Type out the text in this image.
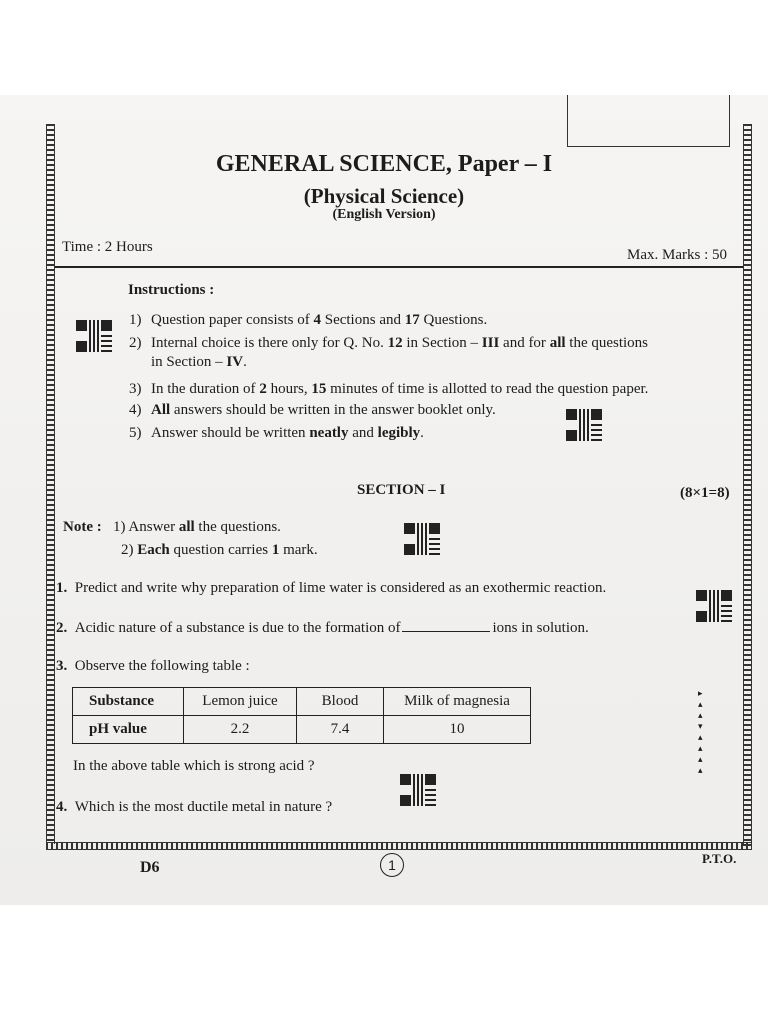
GENERAL SCIENCE, Paper – I
(Physical Science)
(English Version)
Time : 2 Hours	Max. Marks : 50
Instructions :
1) Question paper consists of 4 Sections and 17 Questions.
2) Internal choice is there only for Q. No. 12 in Section – III and for all the questions
in Section – IV.
3) In the duration of 2 hours, 15 minutes of time is allotted to read the question paper.
4) All answers should be written in the answer booklet only.
5) Answer should be written neatly and legibly.
SECTION – I	(8×1=8)
Note : 1) Answer all the questions.
2) Each question carries 1 mark.
1. Predict and write why preparation of lime water is considered as an exothermic reaction.
2. Acidic nature of a substance is due to the formation of	ions in solution.
3. Observe the following table :
Substance	Lemon juice	Blood	Milk of magnesia
pH value	2.2	7.4	10
▸
▴
▴
▾
▴
▴
▴
▴
In the above table which is strong acid ?
4. Which is the most ductile metal in nature ?
D6	1	P.T.O.
